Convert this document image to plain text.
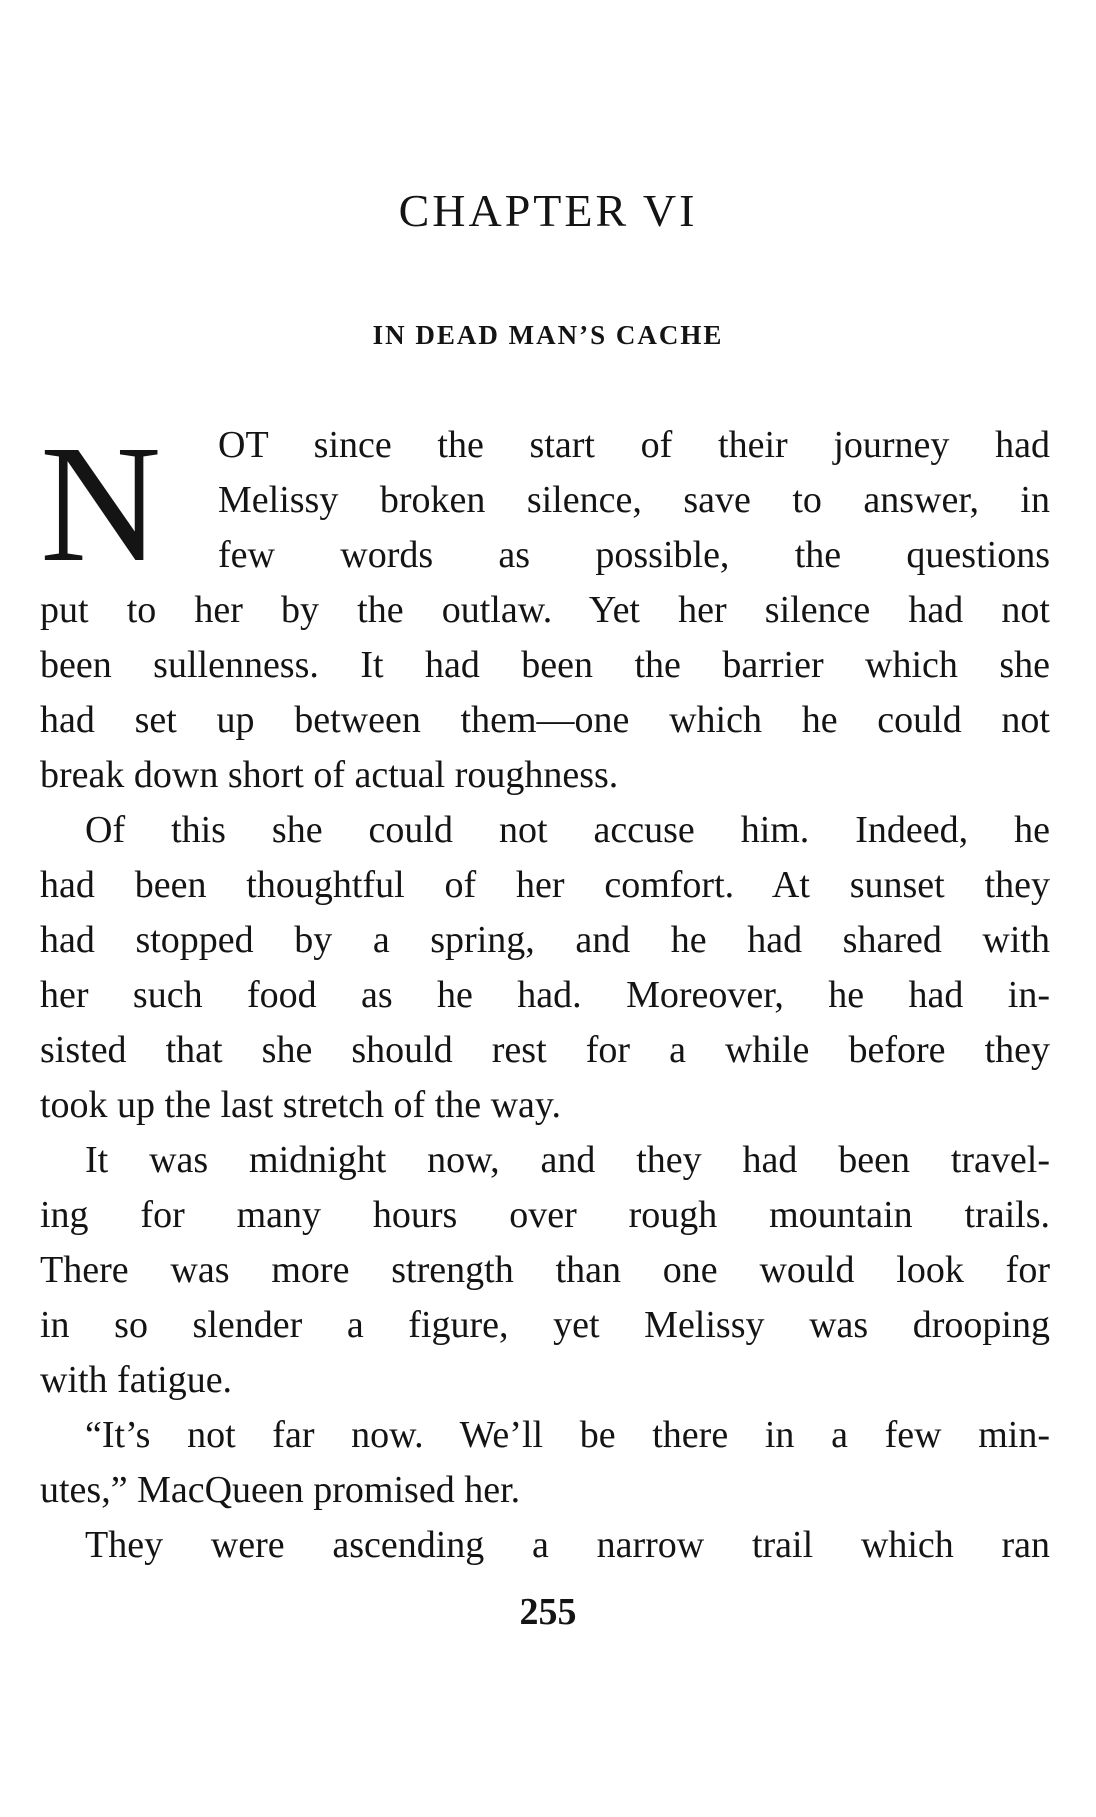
CHAPTER VI
IN DEAD MAN’S CACHE
N OT since the start of their journey had
Melissy broken silence, save to answer, in
few words as possible, the questions
put to her by the outlaw. Yet her silence had not
been sullenness. It had been the barrier which she
had set up between them—one which he could not
break down short of actual roughness.
Of this she could not accuse him. Indeed, he
had been thoughtful of her comfort. At sunset they
had stopped by a spring, and he had shared with
her such food as he had. Moreover, he had in-
sisted that she should rest for a while before they
took up the last stretch of the way.
It was midnight now, and they had been travel-
ing for many hours over rough mountain trails.
There was more strength than one would look for
in so slender a figure, yet Melissy was drooping
with fatigue.
“It’s not far now. We’ll be there in a few min-
utes,” MacQueen promised her.
They were ascending a narrow trail which ran
255
